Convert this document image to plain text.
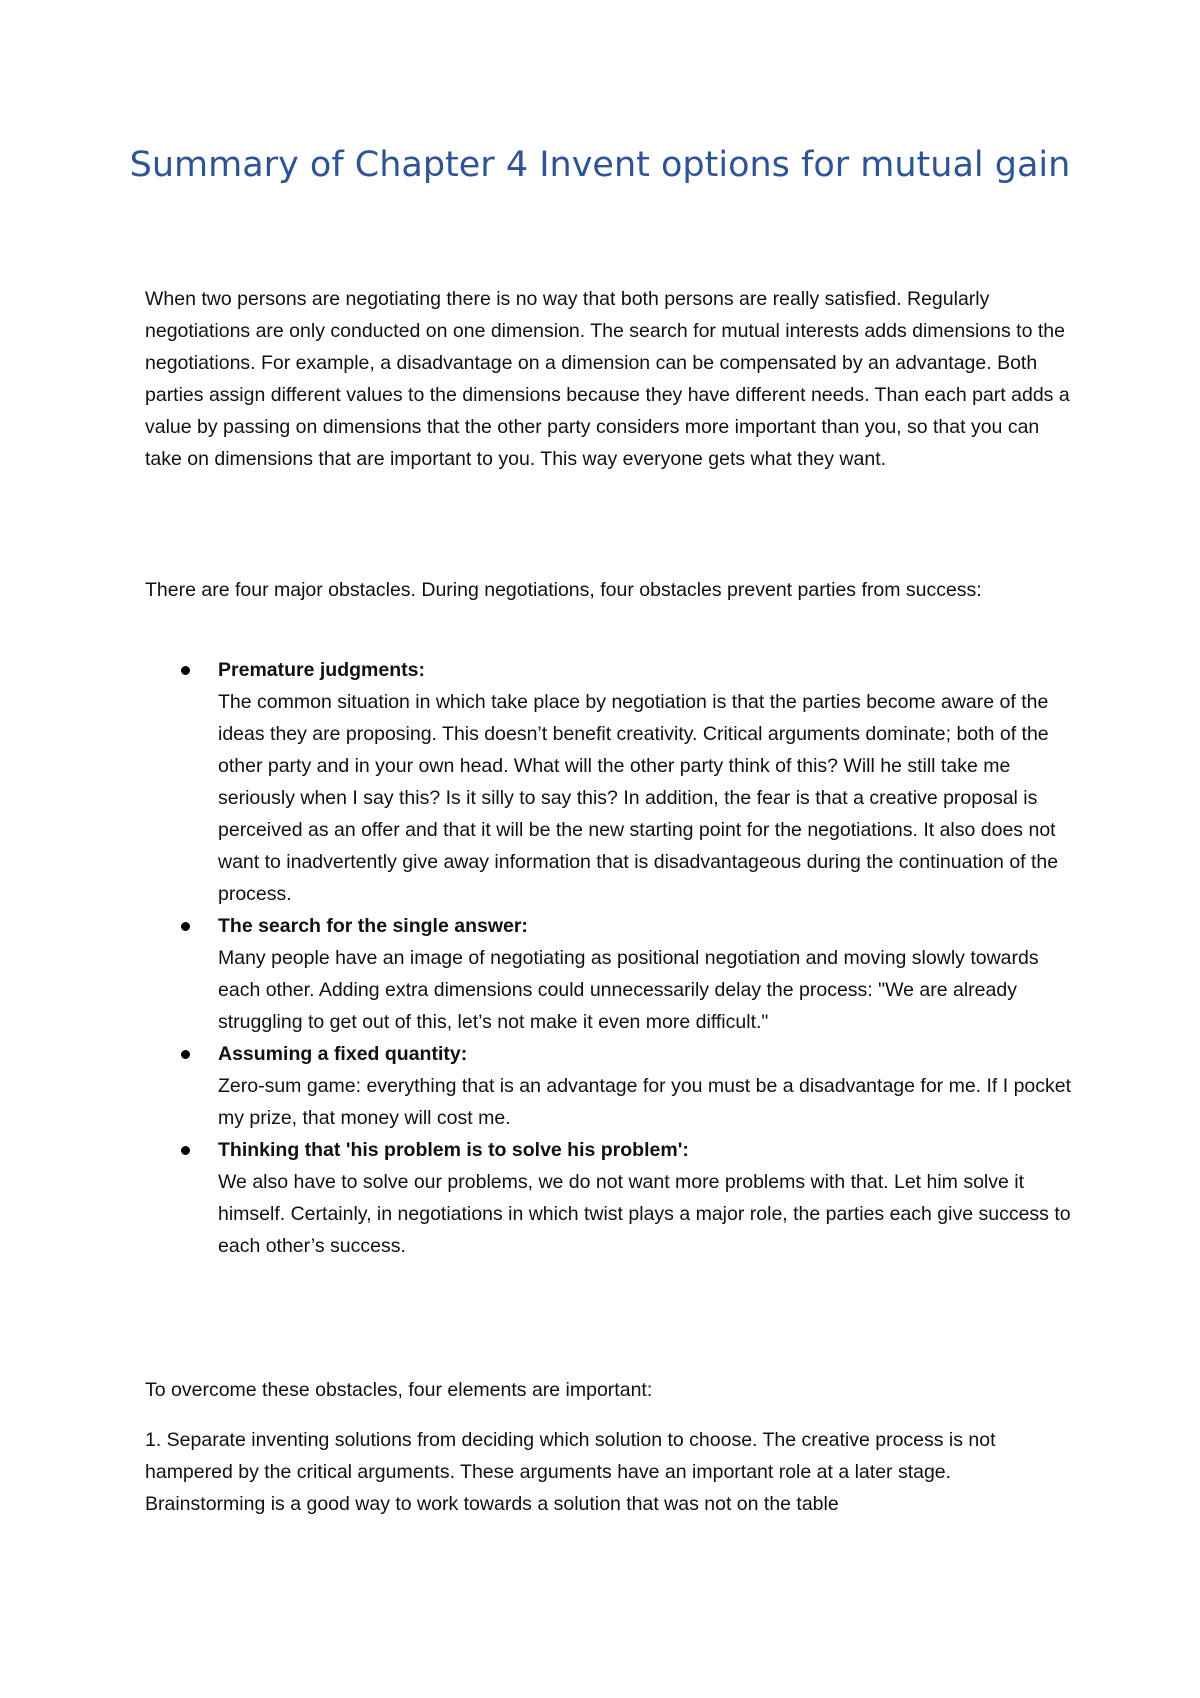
Summary of Chapter 4 Invent options for mutual gain

When two persons are negotiating there is no way that both persons are really satisfied. Regularly negotiations are only conducted on one dimension. The search for mutual interests adds dimensions to the negotiations. For example, a disadvantage on a dimension can be compensated by an advantage. Both parties assign different values to the dimensions because they have different needs. Than each part adds a value by passing on dimensions that the other party considers more important than you, so that you can take on dimensions that are important to you. This way everyone gets what they want.

There are four major obstacles. During negotiations, four obstacles prevent parties from success:

Premature judgments:
The common situation in which take place by negotiation is that the parties become aware of the ideas they are proposing. This doesn’t benefit creativity. Critical arguments dominate; both of the other party and in your own head. What will the other party think of this? Will he still take me seriously when I say this? Is it silly to say this? In addition, the fear is that a creative proposal is perceived as an offer and that it will be the new starting point for the negotiations. It also does not want to inadvertently give away information that is disadvantageous during the continuation of the process.
The search for the single answer:
Many people have an image of negotiating as positional negotiation and moving slowly towards each other. Adding extra dimensions could unnecessarily delay the process: "We are already struggling to get out of this, let’s not make it even more difficult."
Assuming a fixed quantity:
Zero-sum game: everything that is an advantage for you must be a disadvantage for me. If I pocket my prize, that money will cost me.
Thinking that 'his problem is to solve his problem':
We also have to solve our problems, we do not want more problems with that. Let him solve it himself. Certainly, in negotiations in which twist plays a major role, the parties each give success to each other’s success.

To overcome these obstacles, four elements are important:

1. Separate inventing solutions from deciding which solution to choose. The creative process is not hampered by the critical arguments. These arguments have an important role at a later stage. Brainstorming is a good way to work towards a solution that was not on the table
